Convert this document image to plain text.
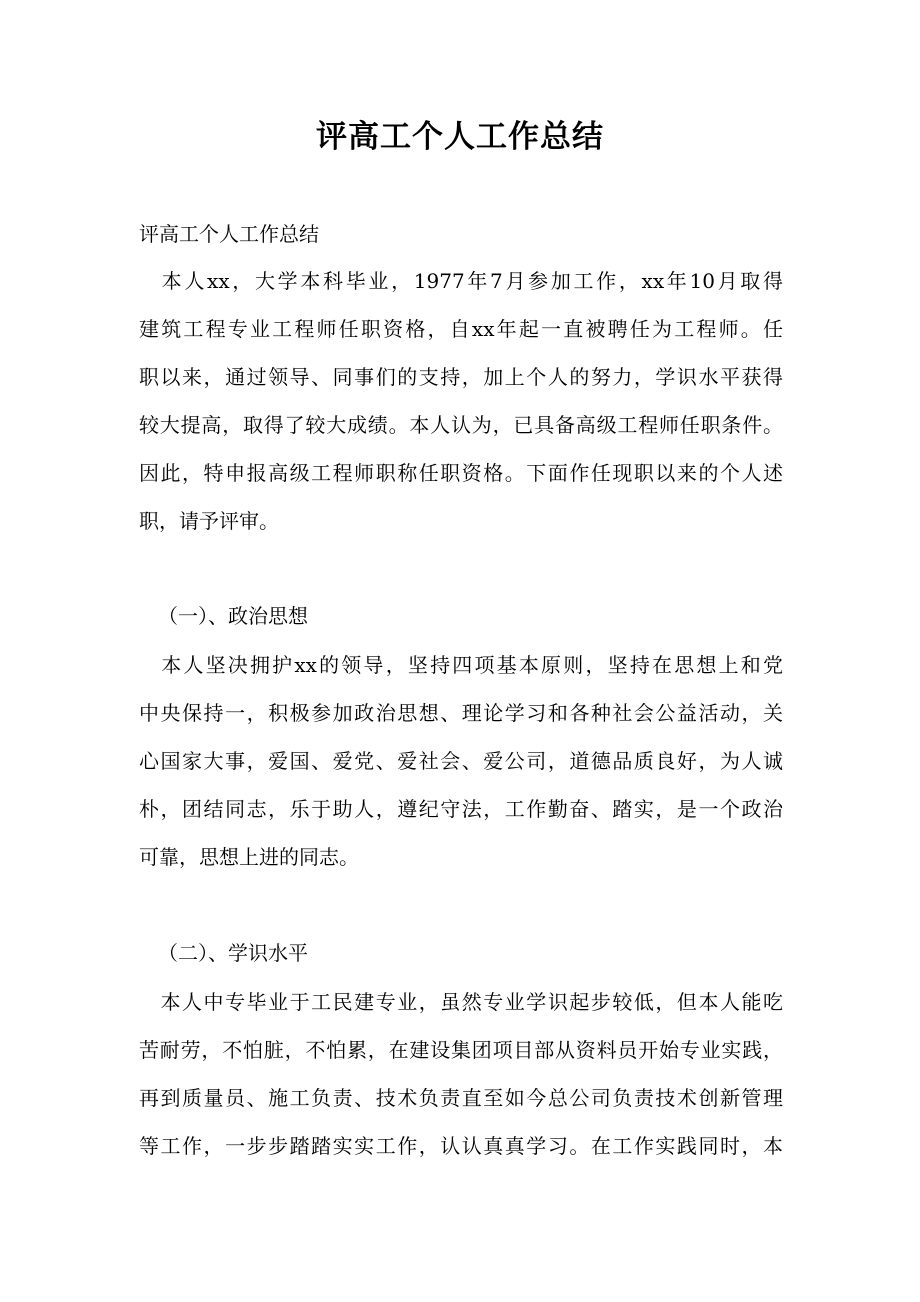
评高工个人工作总结

评高工个人工作总结

　本人xx，大学本科毕业，1977年7月参加工作，xx年10月取得
建筑工程专业工程师任职资格，自xx年起一直被聘任为工程师。任
职以来，通过领导、同事们的支持，加上个人的努力，学识水平获得
较大提高，取得了较大成绩。本人认为，已具备高级工程师任职条件。
因此，特申报高级工程师职称任职资格。下面作任现职以来的个人述
职，请予评审。

（一）、政治思想

　本人坚决拥护xx的领导，坚持四项基本原则，坚持在思想上和党
中央保持一，积极参加政治思想、理论学习和各种社会公益活动，关
心国家大事，爱国、爱党、爱社会、爱公司，道德品质良好，为人诚
朴，团结同志，乐于助人，遵纪守法，工作勤奋、踏实，是一个政治
可靠，思想上进的同志。

（二）、学识水平

　本人中专毕业于工民建专业，虽然专业学识起步较低，但本人能吃
苦耐劳，不怕脏，不怕累，在建设集团项目部从资料员开始专业实践，
再到质量员、施工负责、技术负责直至如今总公司负责技术创新管理
等工作，一步步踏踏实实工作，认认真真学习。在工作实践同时，本
